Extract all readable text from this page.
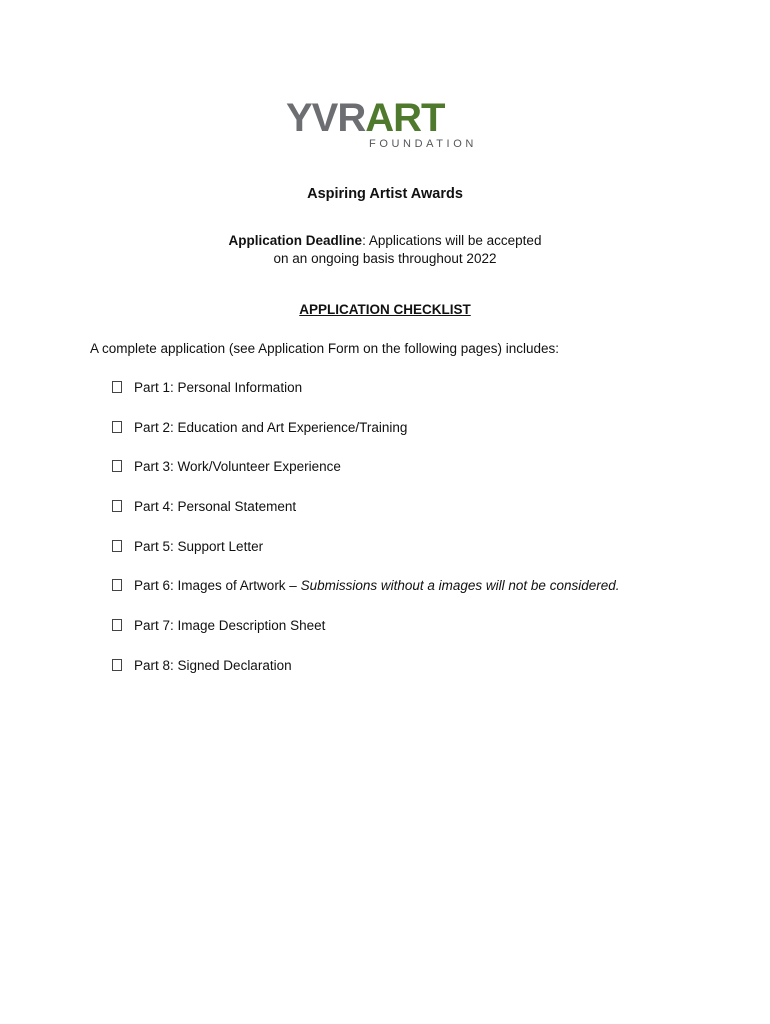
YVRART
FOUNDATION
Aspiring Artist Awards
Application Deadline: Applications will be accepted
on an ongoing basis throughout 2022
APPLICATION CHECKLIST
A complete application (see Application Form on the following pages) includes:
Part 1: Personal Information
Part 2: Education and Art Experience/Training
Part 3: Work/Volunteer Experience
Part 4: Personal Statement
Part 5: Support Letter
Part 6: Images of Artwork – Submissions without a images will not be considered.
Part 7: Image Description Sheet
Part 8: Signed Declaration
